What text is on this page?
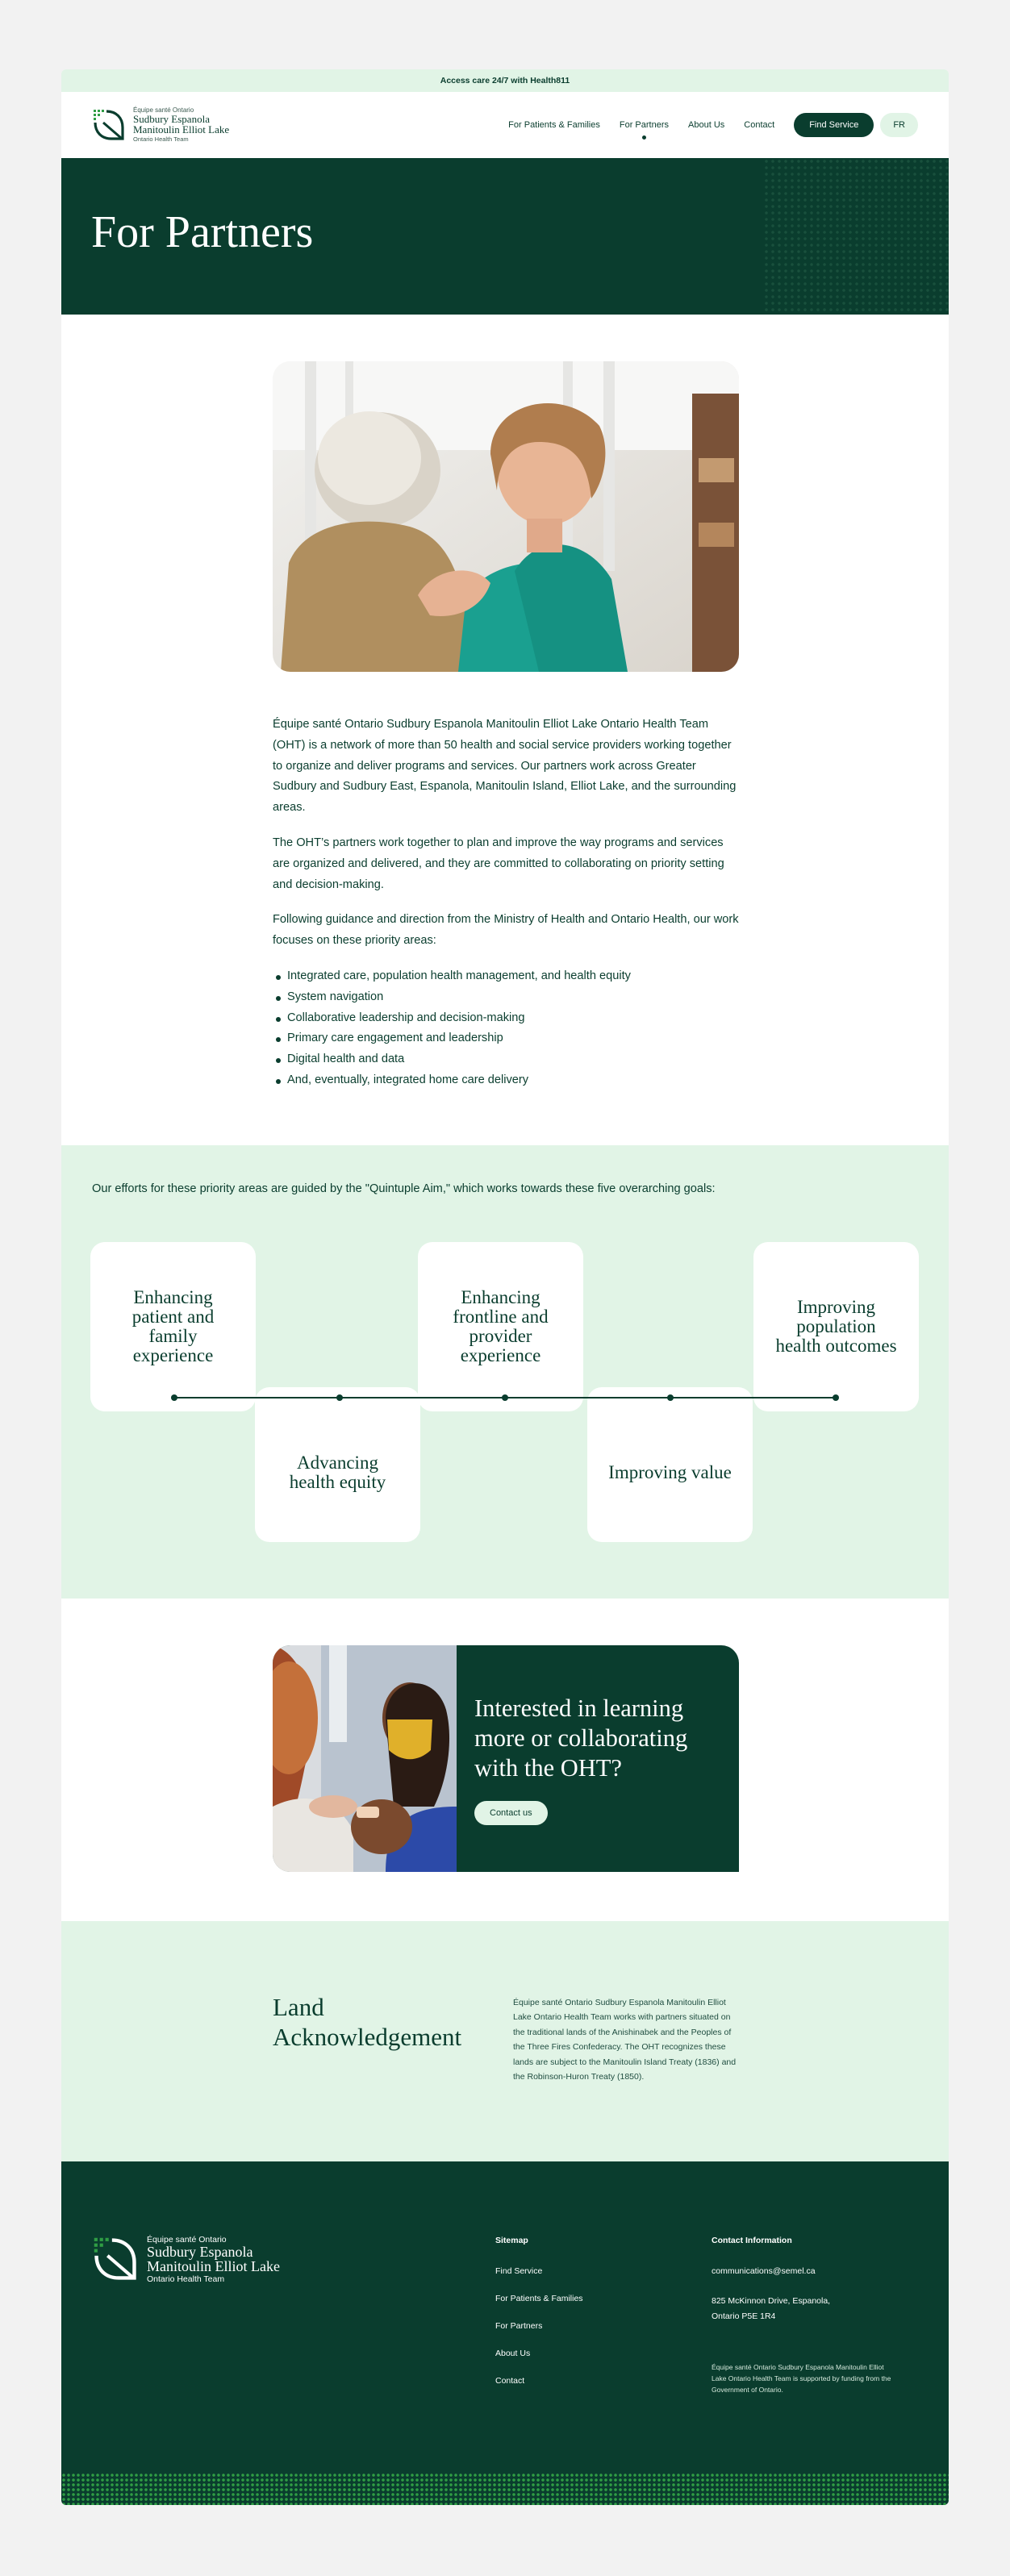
Access care 24/7 with Health811
Équipe santé Ontario
Sudbury Espanola
Manitoulin Elliot Lake
Ontario Health Team
For Patients & Families For Partners About Us Contact	Find Service	FR
For Partners

Équipe santé Ontario Sudbury Espanola Manitoulin Elliot Lake Ontario Health Team (OHT) is a network of more than 50 health and social service providers working together to organize and deliver programs and services. Our partners work across Greater Sudbury and Sudbury East, Espanola, Manitoulin Island, Elliot Lake, and the surrounding areas.

The OHT’s partners work together to plan and improve the way programs and services are organized and delivered, and they are committed to collaborating on priority setting and decision-making.

Following guidance and direction from the Ministry of Health and Ontario Health, our work focuses on these priority areas:

Integrated care, population health management, and health equity
System navigation
Collaborative leadership and decision-making
Primary care engagement and leadership
Digital health and data
And, eventually, integrated home care delivery

Our efforts for these priority areas are guided by the "Quintuple Aim," which works towards these five overarching goals:

Enhancing patient and family experience
Enhancing frontline and provider experience
Improving population health outcomes
Advancing health equity	Improving value
Interested in learning more or collaborating with the OHT?
Contact us
Land Acknowledgement

Équipe santé Ontario Sudbury Espanola Manitoulin Elliot Lake Ontario Health Team works with partners situated on the traditional lands of the Anishinabek and the Peoples of the Three Fires Confederacy. The OHT recognizes these lands are subject to the Manitoulin Island Treaty (1836) and the Robinson-Huron Treaty (1850).

Équipe santé Ontario
Sudbury Espanola
Manitoulin Elliot Lake
Ontario Health Team
Sitemap
Find Service
For Patients & Families
For Partners
About Us
Contact
Contact Information
communications@semel.ca
825 McKinnon Drive, Espanola,
Ontario P5E 1R4
Équipe santé Ontario Sudbury Espanola Manitoulin Elliot Lake Ontario Health Team is supported by funding from the Government of Ontario.
